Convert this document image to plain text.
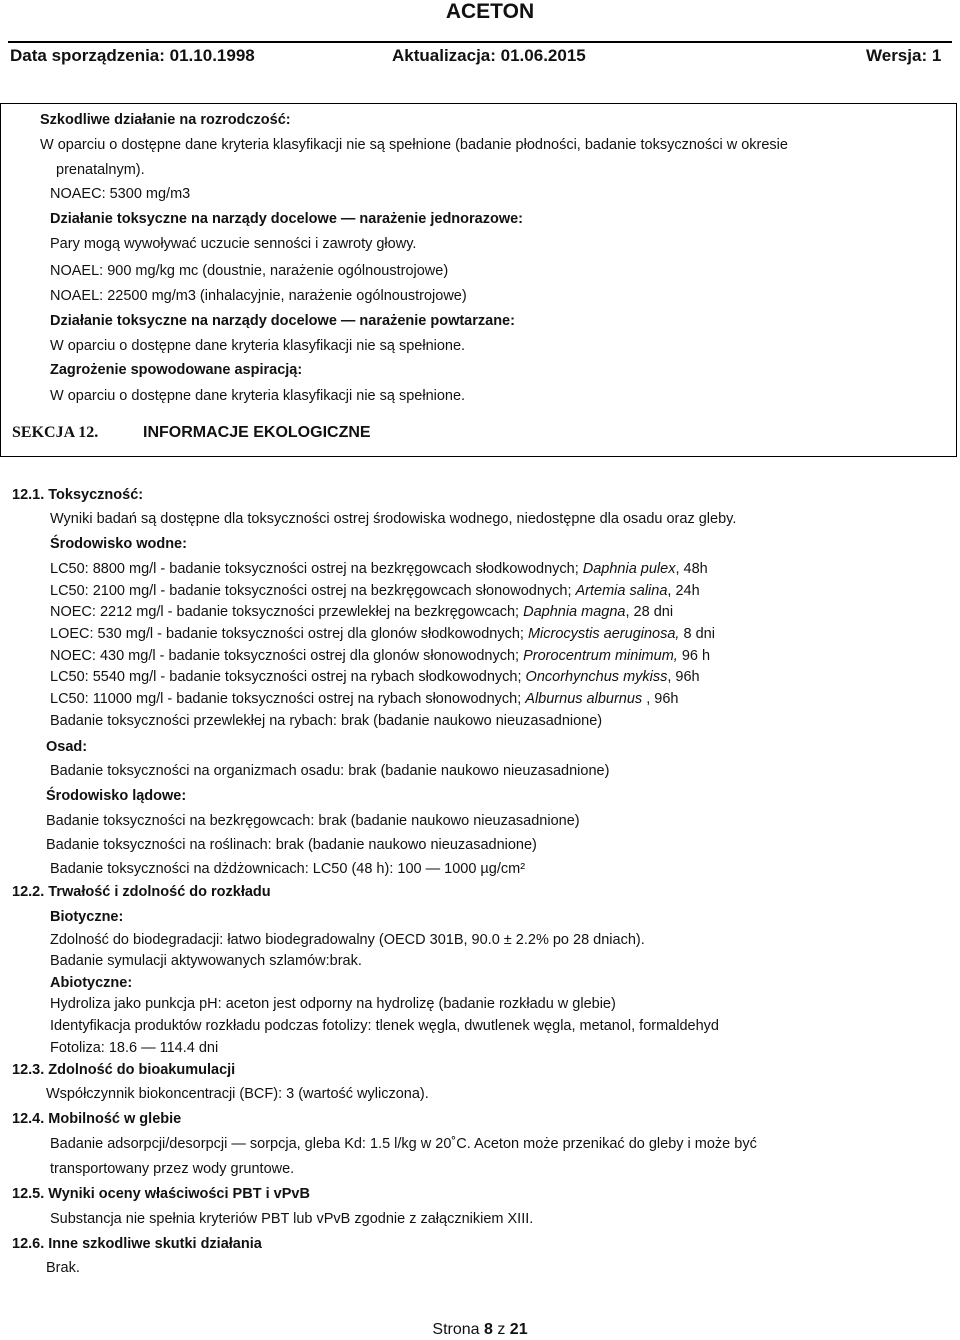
ACETON
Data sporządzenia: 01.10.1998	Aktualizacja: 01.06.2015	Wersja: 1
Szkodliwe działanie na rozrodczość:
W oparciu o dostępne dane kryteria klasyfikacji nie są spełnione (badanie płodności, badanie toksyczności w okresie
prenatalnym).
NOAEC: 5300 mg/m3
Działanie toksyczne na narządy docelowe — narażenie jednorazowe:
Pary mogą wywoływać uczucie senności i zawroty głowy.
NOAEL: 900 mg/kg mc (doustnie, narażenie ogólnoustrojowe)
NOAEL: 22500 mg/m3 (inhalacyjnie, narażenie ogólnoustrojowe)
Działanie toksyczne na narządy docelowe — narażenie powtarzane:
W oparciu o dostępne dane kryteria klasyfikacji nie są spełnione.
Zagrożenie spowodowane aspiracją:
W oparciu o dostępne dane kryteria klasyfikacji nie są spełnione.
SEKCJA 12.	INFORMACJE EKOLOGICZNE
12.1. Toksyczność:
Wyniki badań są dostępne dla toksyczności ostrej środowiska wodnego, niedostępne dla osadu oraz gleby.
Środowisko wodne:
LC50: 8800 mg/l - badanie toksyczności ostrej na bezkręgowcach słodkowodnych; Daphnia pulex, 48h
LC50: 2100 mg/l - badanie toksyczności ostrej na bezkręgowcach słonowodnych; Artemia salina, 24h
NOEC: 2212 mg/l - badanie toksyczności przewlekłej na bezkręgowcach; Daphnia magna, 28 dni
LOEC: 530 mg/l - badanie toksyczności ostrej dla glonów słodkowodnych; Microcystis aeruginosa, 8 dni
NOEC: 430 mg/l - badanie toksyczności ostrej dla glonów słonowodnych; Prorocentrum minimum, 96 h
LC50: 5540 mg/l - badanie toksyczności ostrej na rybach słodkowodnych; Oncorhynchus mykiss, 96h
LC50: 11000 mg/l - badanie toksyczności ostrej na rybach słonowodnych; Alburnus alburnus , 96h
Badanie toksyczności przewlekłej na rybach: brak (badanie naukowo nieuzasadnione)
Osad:
Badanie toksyczności na organizmach osadu: brak (badanie naukowo nieuzasadnione)
Środowisko lądowe:
Badanie toksyczności na bezkręgowcach: brak (badanie naukowo nieuzasadnione)
Badanie toksyczności na roślinach: brak (badanie naukowo nieuzasadnione)
Badanie toksyczności na dżdżownicach: LC50 (48 h): 100 — 1000 µg/cm²
12.2. Trwałość i zdolność do rozkładu
Biotyczne:
Zdolność do biodegradacji: łatwo biodegradowalny (OECD 301B, 90.0 ± 2.2% po 28 dniach).
Badanie symulacji aktywowanych szlamów:brak.
Abiotyczne:
Hydroliza jako punkcja pH: aceton jest odporny na hydrolizę (badanie rozkładu w glebie)
Identyfikacja produktów rozkładu podczas fotolizy: tlenek węgla, dwutlenek węgla, metanol, formaldehyd
Fotoliza: 18.6 — 114.4 dni
12.3. Zdolność do bioakumulacji
Współczynnik biokoncentracji (BCF): 3 (wartość wyliczona).
12.4. Mobilność w glebie
Badanie adsorpcji/desorpcji — sorpcja, gleba Kd: 1.5 l/kg w 20˚C. Aceton może przenikać do gleby i może być
transportowany przez wody gruntowe.
12.5. Wyniki oceny właściwości PBT i vPvB
Substancja nie spełnia kryteriów PBT lub vPvB zgodnie z załącznikiem XIII.
12.6. Inne szkodliwe skutki działania
Brak.
Strona 8 z 21
